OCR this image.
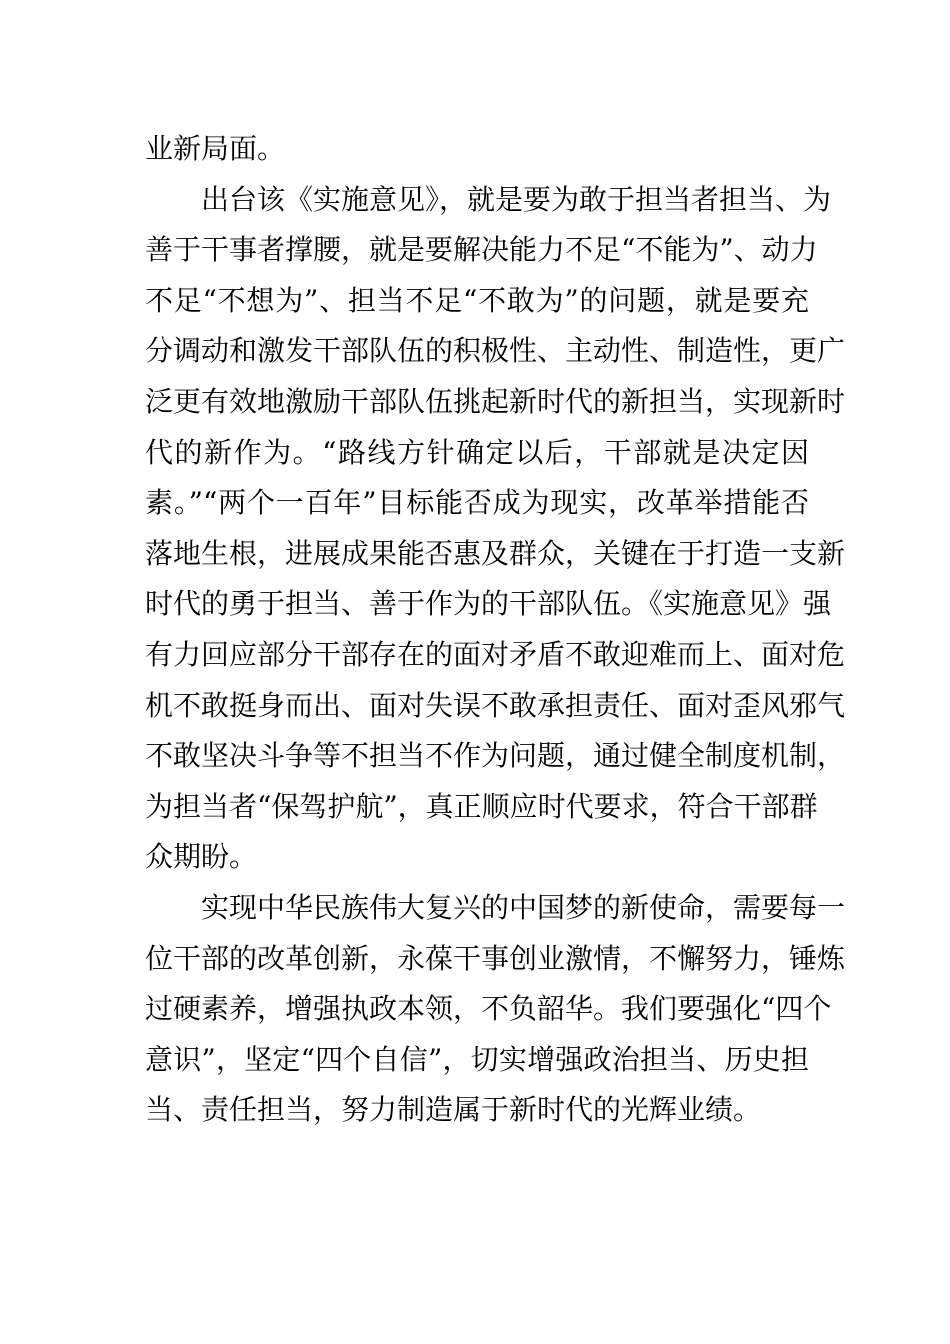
业新局面。
出台该《实施意见》，就是要为敢于担当者担当、为
善于干事者撑腰，就是要解决能力不足“不能为”、动力
不足“不想为”、担当不足“不敢为”的问题，就是要充
分调动和激发干部队伍的积极性、主动性、制造性，更广
泛更有效地激励干部队伍挑起新时代的新担当，实现新时
代的新作为。“路线方针确定以后，干部就是决定因
素。”“两个一百年”目标能否成为现实，改革举措能否
落地生根，进展成果能否惠及群众，关键在于打造一支新
时代的勇于担当、善于作为的干部队伍。《实施意见》强
有力回应部分干部存在的面对矛盾不敢迎难而上、面对危
机不敢挺身而出、面对失误不敢承担责任、面对歪风邪气
不敢坚决斗争等不担当不作为问题，通过健全制度机制，
为担当者“保驾护航”，真正顺应时代要求，符合干部群
众期盼。
实现中华民族伟大复兴的中国梦的新使命，需要每一
位干部的改革创新，永葆干事创业激情，不懈努力，锤炼
过硬素养，增强执政本领，不负韶华。我们要强化“四个
意识”，坚定“四个自信”，切实增强政治担当、历史担
当、责任担当，努力制造属于新时代的光辉业绩。
